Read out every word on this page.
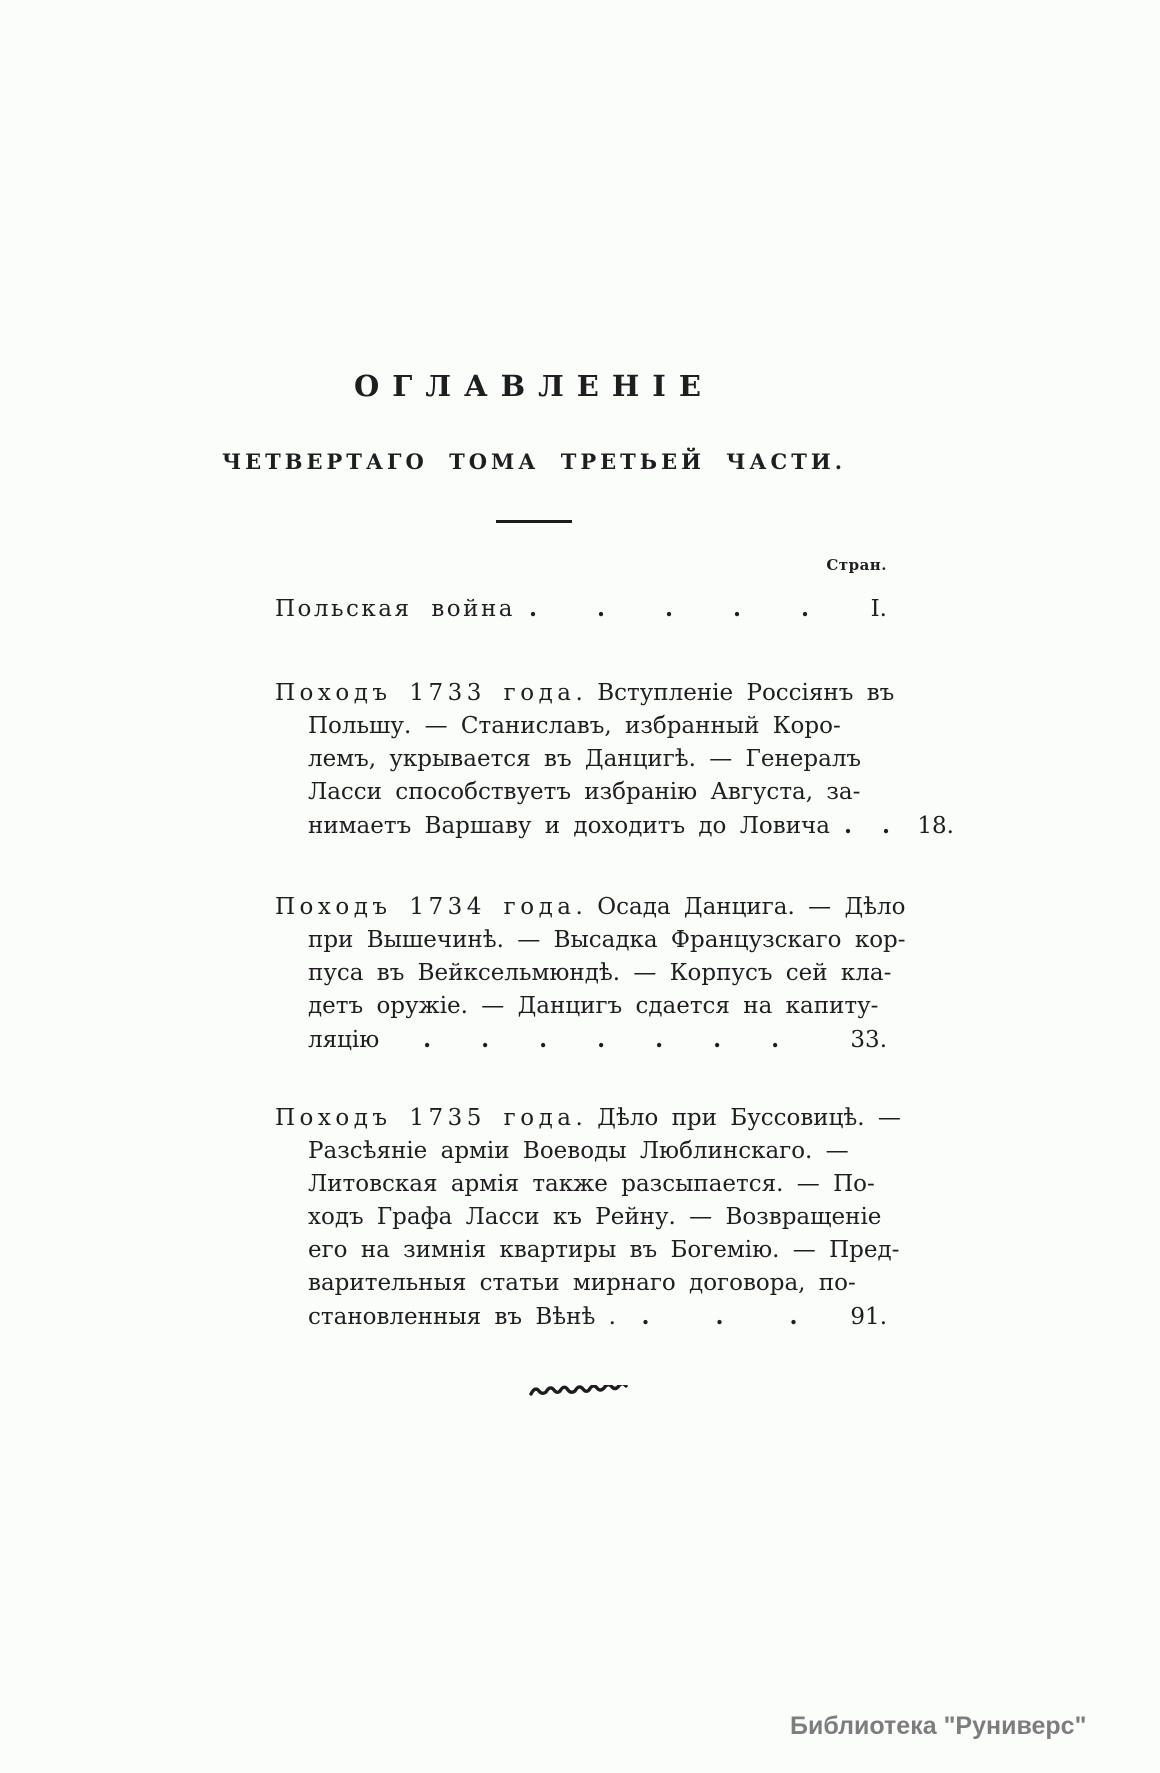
ОГЛАВЛЕНІЕ
ЧЕТВЕРТАГО ТОМА ТРЕТЬЕЙ ЧАСТИ.
Стран.
Польская война . . . . .	I.
Походъ 1733 года. Вступленіе Россіянъ въ
Польшу. — Станиславъ, избранный Коро-
лемъ, укрывается въ Данцигѣ. — Генералъ
Ласси способствуетъ избранію Августа, за-
нимаетъ Варшаву и доходитъ до Ловича . .	18.
Походъ 1734 года. Осада Данцига. — Дѣло
при Вышечинѣ. — Высадка Французскаго кор-
пуса въ Вейксельмюндѣ. — Корпусъ сей кла-
детъ оружіе. — Данцигъ сдается на капиту-
ляцію	. . . . . . .	33.
Походъ 1735 года. Дѣло при Буссовицѣ. —
Разсѣяніе арміи Воеводы Люблинскаго. —
Литовская армія также разсыпается. — По-
ходъ Графа Ласси къ Рейну. — Возвращеніе
его на зимнія квартиры въ Богемію. — Пред-
варительныя статьи мирнаго договора, по-
становленныя въ Вѣнѣ .	. . .	91.
Библиотека "Руниверс"
